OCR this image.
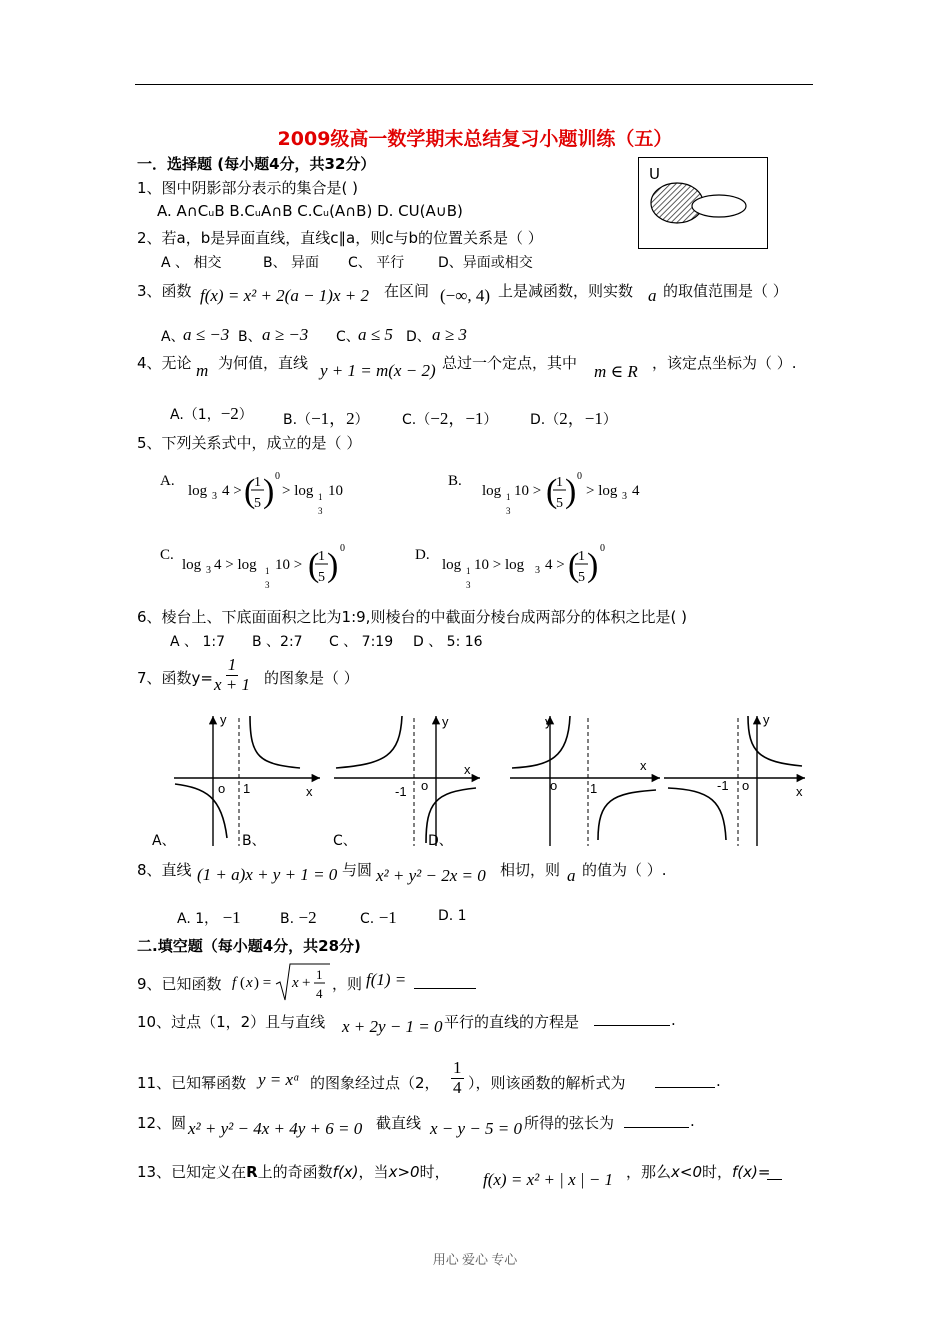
2009级高一数学期末总结复习小题训练（五）
一．选择题 (每小题4分，共32分）
U
1、图中阴影部分表示的集合是( )
A. A∩CᵤB B.CᵤA∩B C.Cᵤ(A∩B) D. CU(A∪B)
2、若a，b是异面直线，直线c∥a，则c与b的位置关系是（ ）
A 、 相交	B、 异面 C、 平行 D、异面或相交
3、函数 f(x) = x² + 2(a − 1)x + 2 在区间 (−∞, 4) 上是减函数，则实数 a 的取值范围是（ ）
A、
a ≤ −3 B、 a ≥ −3 C、
a ≤ 5 D、 a ≥ 3
4、无论 m 为何值，直线 y + 1 = m(x − 2) 总过一个定点，其中 m ∈ R ，该定点坐标为（ ）.
A.（1，−2） B.（−1，2） C.（−2，−1） D.（2，−1）
5、下列关系式中，成立的是（ ）
A.
log 3 4 > (
1
5 ) 0
> log 1
3
10
B.
log 1
3
10 > (
1
5 ) 0
> log 3 4
C.
log 3 4 > log 1
3
10 > (
1
5 ) 0	D.
log 1
3
10 > log 3 4 > (
1
5 ) 0
6、棱台上、下底面面积之比为1:9,则棱台的中截面分棱台成两部分的体积之比是( )
A 、 1:7 B 、2:7 C 、 7:19 D 、 5: 16
7、函数$y= \frac{1}{x + 1}$ 的图象是（ ）
y
o 1	x
y
-1 o
x
y
o	1
x
y
-1 o	x
A、	B、	C、	D、
8、直线 (1 + a)x + y + 1 = 0 与圆 x² + y² − 2x = 0 相切，则 a 的值为（ ）.
A. 1， −1	B. −2	C. −1	D. 1
二.填空题（每小题4分，共28分)
9、已知函数 f ( x ) = x +
1
4
，则 f(1) =
10、过点（1，2）且与直线 x + 2y − 1 = 0 平行的直线的方程是	.
11、已知幂函数 y = xᵅ 的图象经过点（2， $\frac{1}{4}$ ），则该函数的解析式为	.
12、圆 x² + y² − 4x + 4y + 6 = 0 截直线 x − y − 5 = 0 所得的弦长为	.
13、已知定义在R上的奇函数f(x)，当x>0时， f(x) = x² + | x | − 1 ，那么x<0时，f(x)=
用心 爱心 专心
